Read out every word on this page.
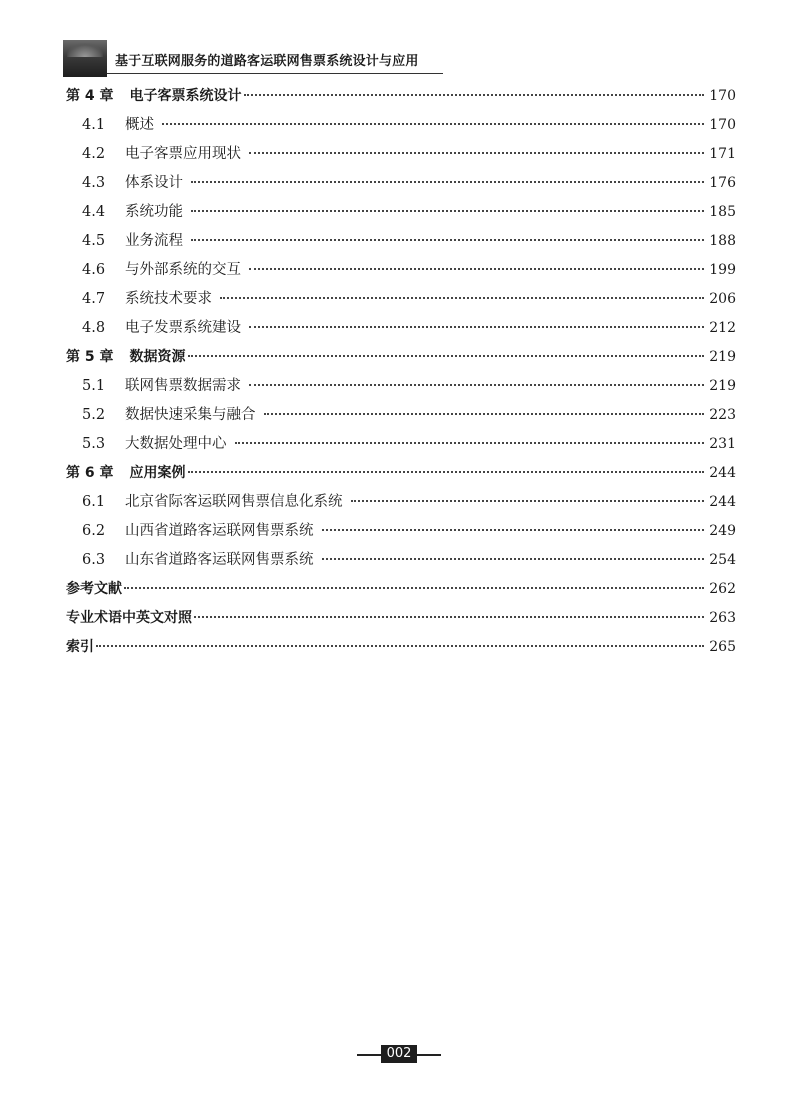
基于互联网服务的道路客运联网售票系统设计与应用
第 4 章 电子客票系统设计	170
4.1	概述	170
4.2	电子客票应用现状	171
4.3	体系设计	176
4.4	系统功能	185
4.5	业务流程	188
4.6	与外部系统的交互	199
4.7	系统技术要求	206
4.8	电子发票系统建设	212
第 5 章 数据资源	219
5.1	联网售票数据需求	219
5.2	数据快速采集与融合	223
5.3	大数据处理中心	231
第 6 章 应用案例	244
6.1	北京省际客运联网售票信息化系统	244
6.2	山西省道路客运联网售票系统	249
6.3	山东省道路客运联网售票系统	254
参考文献	262
专业术语中英文对照	263
索引	265
002
